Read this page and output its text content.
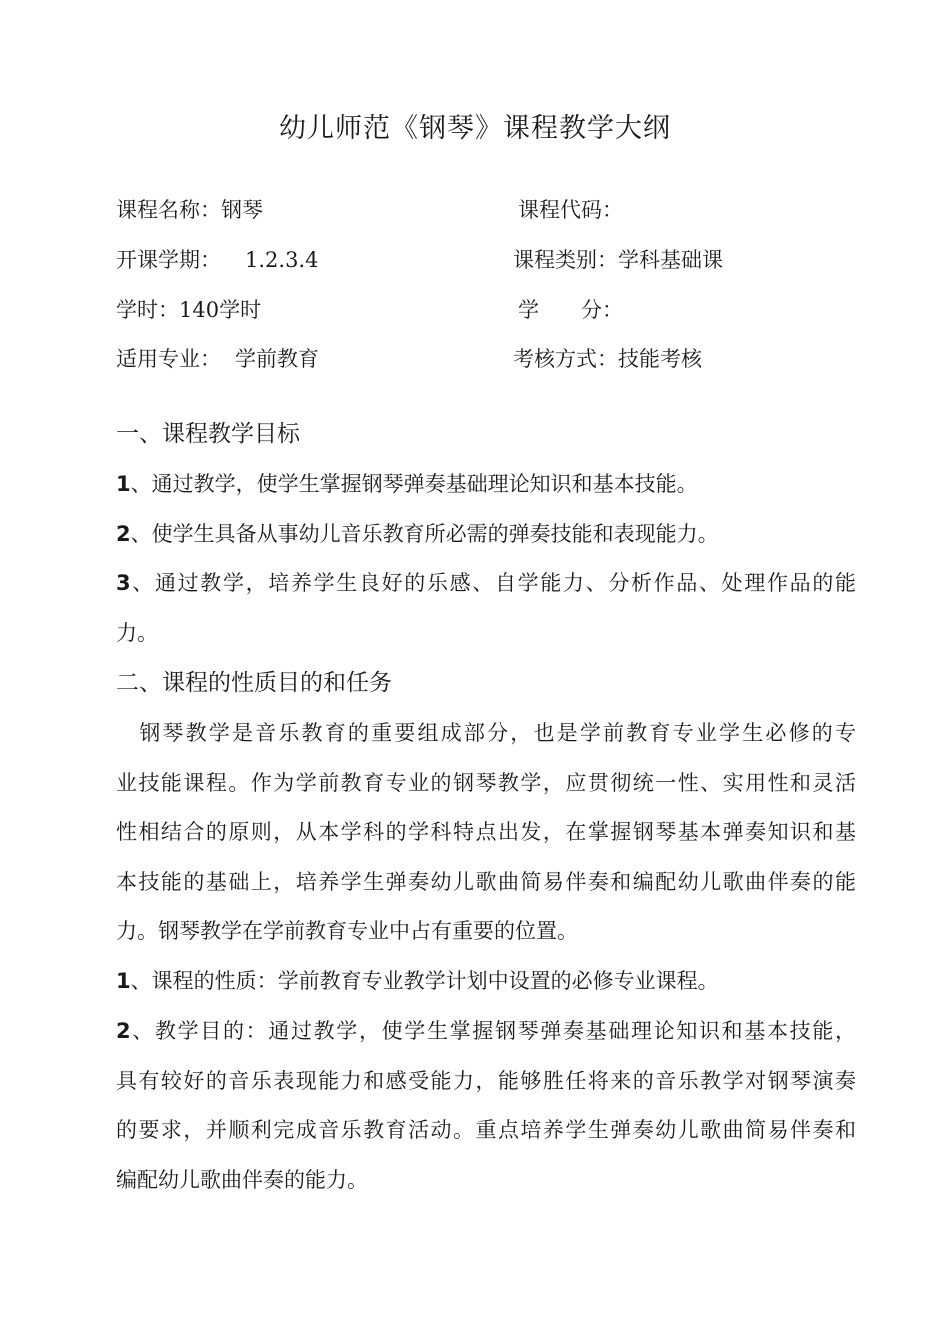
幼儿师范《钢琴》课程教学大纲
课程名称：钢琴	课程代码：
开课学期： 1.2.3.4	课程类别：学科基础课
学时：140学时	学　　分：
适用专业： 学前教育	考核方式：技能考核
一、课程教学目标
1、通过教学，使学生掌握钢琴弹奏基础理论知识和基本技能。
2、使学生具备从事幼儿音乐教育所必需的弹奏技能和表现能力。
3、通过教学，培养学生良好的乐感、自学能力、分析作品、处理作品的能
力。
二、课程的性质目的和任务
　钢琴教学是音乐教育的重要组成部分，也是学前教育专业学生必修的专
业技能课程。作为学前教育专业的钢琴教学，应贯彻统一性、实用性和灵活
性相结合的原则，从本学科的学科特点出发，在掌握钢琴基本弹奏知识和基
本技能的基础上，培养学生弹奏幼儿歌曲简易伴奏和编配幼儿歌曲伴奏的能
力。钢琴教学在学前教育专业中占有重要的位置。
1、课程的性质：学前教育专业教学计划中设置的必修专业课程。
2、教学目的：通过教学，使学生掌握钢琴弹奏基础理论知识和基本技能，
具有较好的音乐表现能力和感受能力，能够胜任将来的音乐教学对钢琴演奏
的要求，并顺利完成音乐教育活动。重点培养学生弹奏幼儿歌曲简易伴奏和
编配幼儿歌曲伴奏的能力。
